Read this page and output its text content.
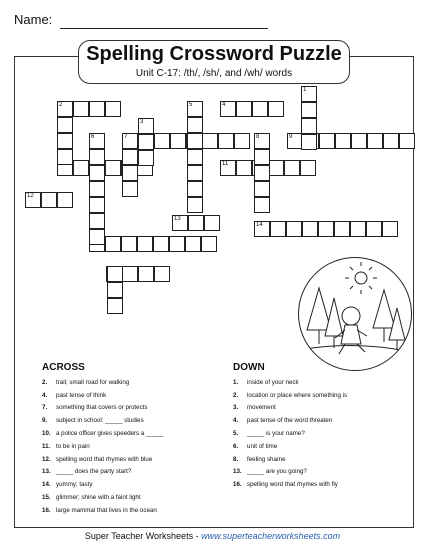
Name:
2	4
7	9
11
12
13
14
1
3
5
6	8
Spelling Crossword Puzzle
Unit C-17: /th/, /sh/, and /wh/ words
ACROSS
2.	trail; small road for walking
4.	past tense of think
7.	something that covers or protects
9.	subject in school: _____ studies
10. a police officer gives speeders a _____
11. to be in pain
12. spelling word that rhymes with blue
13. _____ does the party start?
14. yummy; tasty
15. glimmer; shine with a faint light
16. large mammal that lives in the ocean
DOWN
1.	inside of your neck
2.	location or place where something is
3.	movement
4.	past tense of the word threaten
5.	_____ is your name?
6.	unit of time
8.	feeling shame
13. _____ are you going?
16. spelling word that rhymes with fly
Super Teacher Worksheets - www.superteacherworksheets.com
